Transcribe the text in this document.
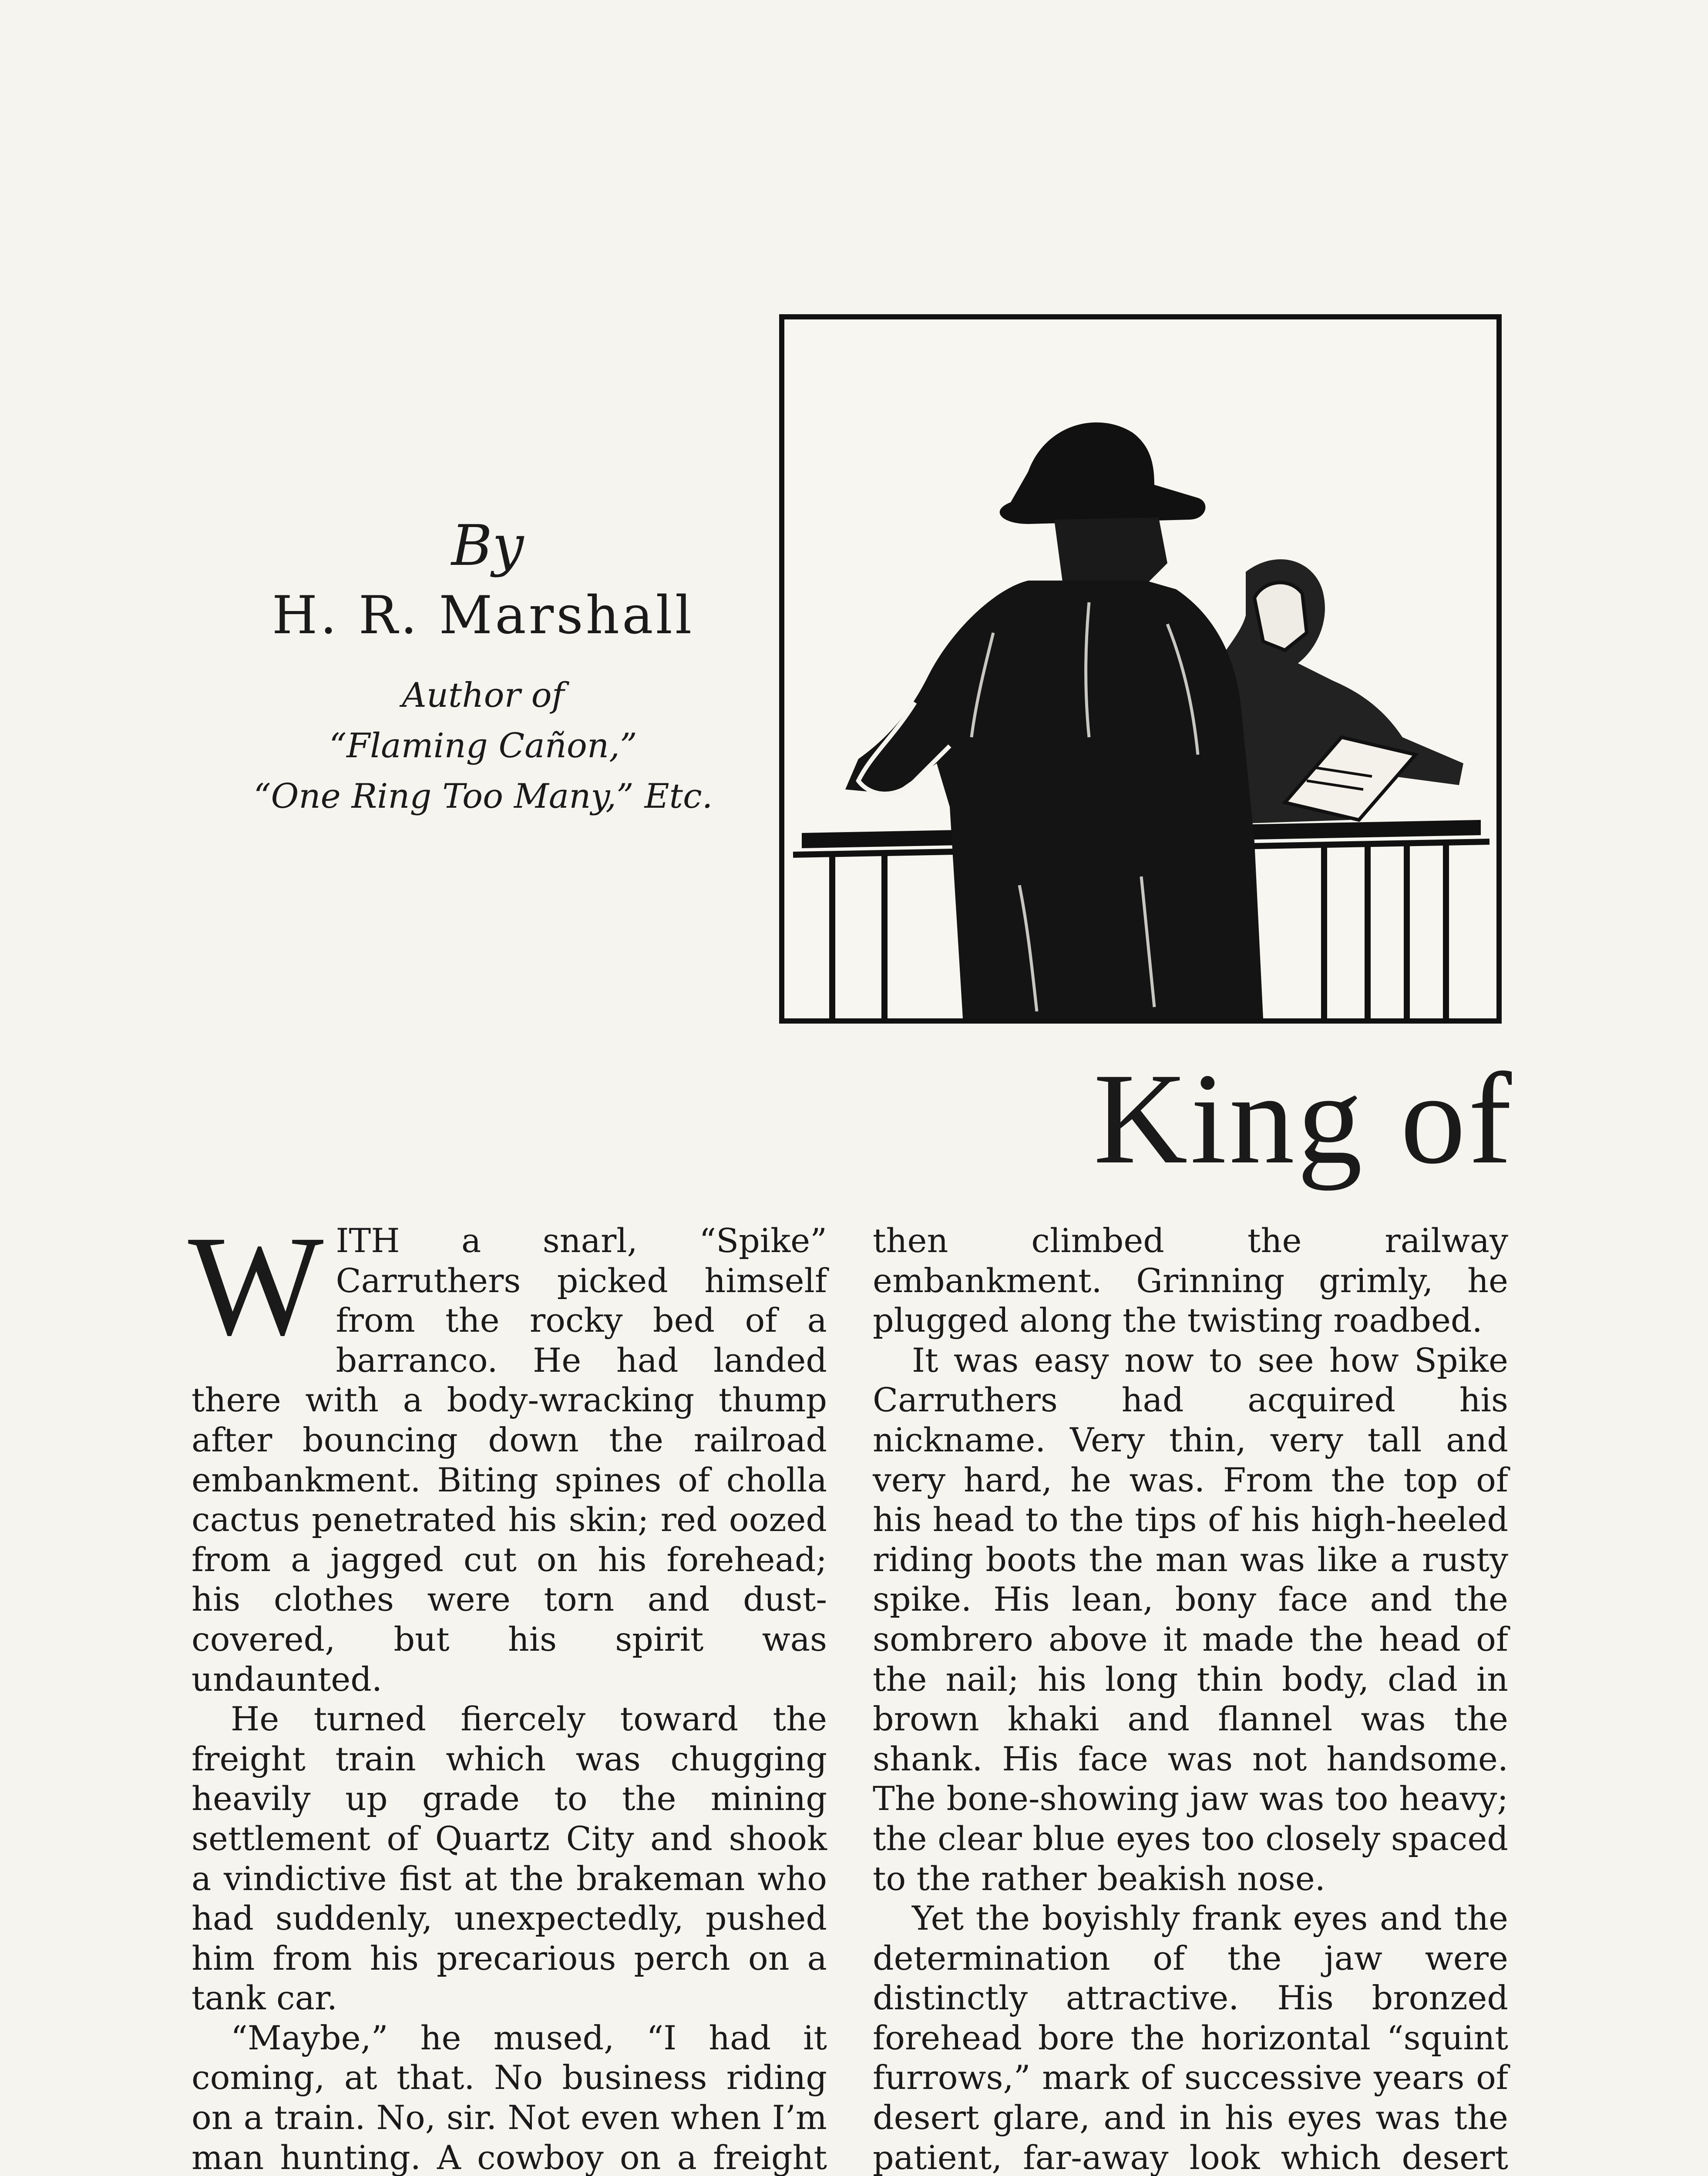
By
H. R. Marshall
Author of
“Flaming Cañon,”
“One Ring Too Many,” Etc.
King of

WITH a snarl, “Spike” Carruthers picked himself from the rocky bed of a barranco. He had landed there with a body-wracking thump after bouncing down the railroad embankment. Biting spines of cholla cactus penetrated his skin; red oozed from a jagged cut on his forehead; his clothes were torn and dust-covered, but his spirit was undaunted.

He turned fiercely toward the freight train which was chugging heavily up grade to the mining settlement of Quartz City and shook a vindictive fist at the brakeman who had suddenly, unexpectedly, pushed him from his precarious perch on a tank car.

“Maybe,” he mused, “I had it coming, at that. No business riding on a train. No, sir. Not even when I’m man hunting. A cowboy on a freight

then climbed the railway embankment. Grinning grimly, he plugged along the twisting roadbed.

It was easy now to see how Spike Carruthers had acquired his nickname. Very thin, very tall and very hard, he was. From the top of his head to the tips of his high-heeled riding boots the man was like a rusty spike. His lean, bony face and the sombrero above it made the head of the nail; his long thin body, clad in brown khaki and flannel was the shank. His face was not handsome. The bone-showing jaw was too heavy; the clear blue eyes too closely spaced to the rather beakish nose.

Yet the boyishly frank eyes and the determination of the jaw were distinctly attractive. His bronzed forehead bore the horizontal “squint furrows,” mark of successive years of desert glare, and in his eyes was the patient, far-away look which desert
